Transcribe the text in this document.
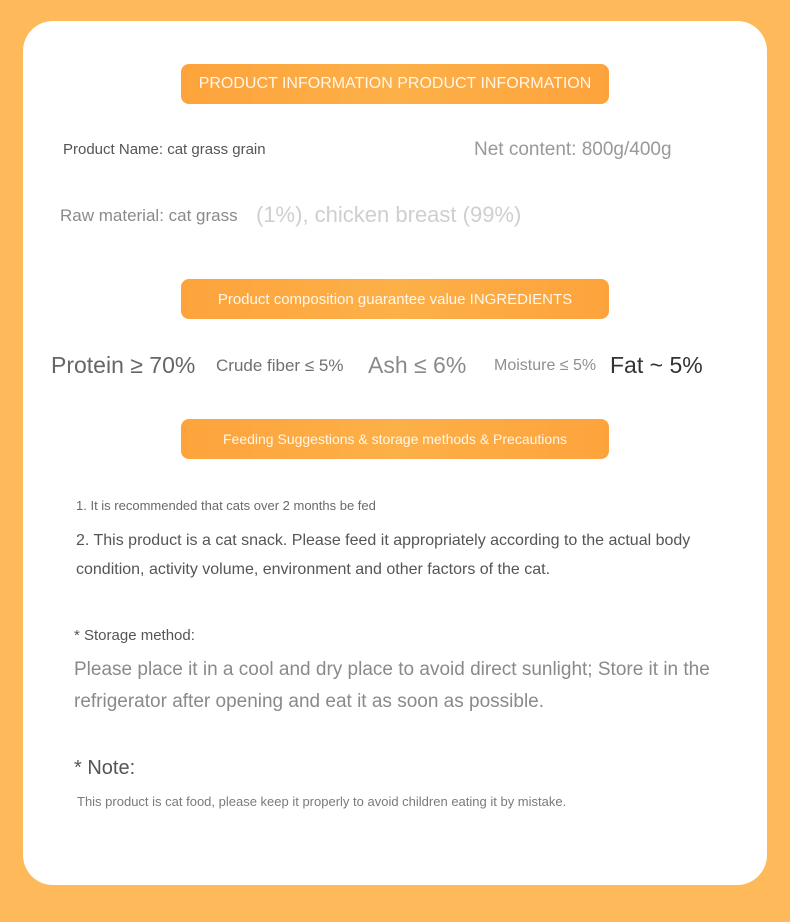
PRODUCT INFORMATION PRODUCT INFORMATION
Product Name: cat grass grain	Net content: 800g/400g
Raw material: cat grass (1%), chicken breast (99%)
Product composition guarantee value INGREDIENTS
Protein ≥ 70% Crude fiber ≤ 5% Ash ≤ 6% Moisture ≤ 5% Fat ~ 5%
Feeding Suggestions & storage methods & Precautions
1. It is recommended that cats over 2 months be fed
2. This product is a cat snack. Please feed it appropriately according to the actual body condition, activity volume, environment and other factors of the cat.
* Storage method:
Please place it in a cool and dry place to avoid direct sunlight; Store it in the refrigerator after opening and eat it as soon as possible.
* Note:
This product is cat food, please keep it properly to avoid children eating it by mistake.
